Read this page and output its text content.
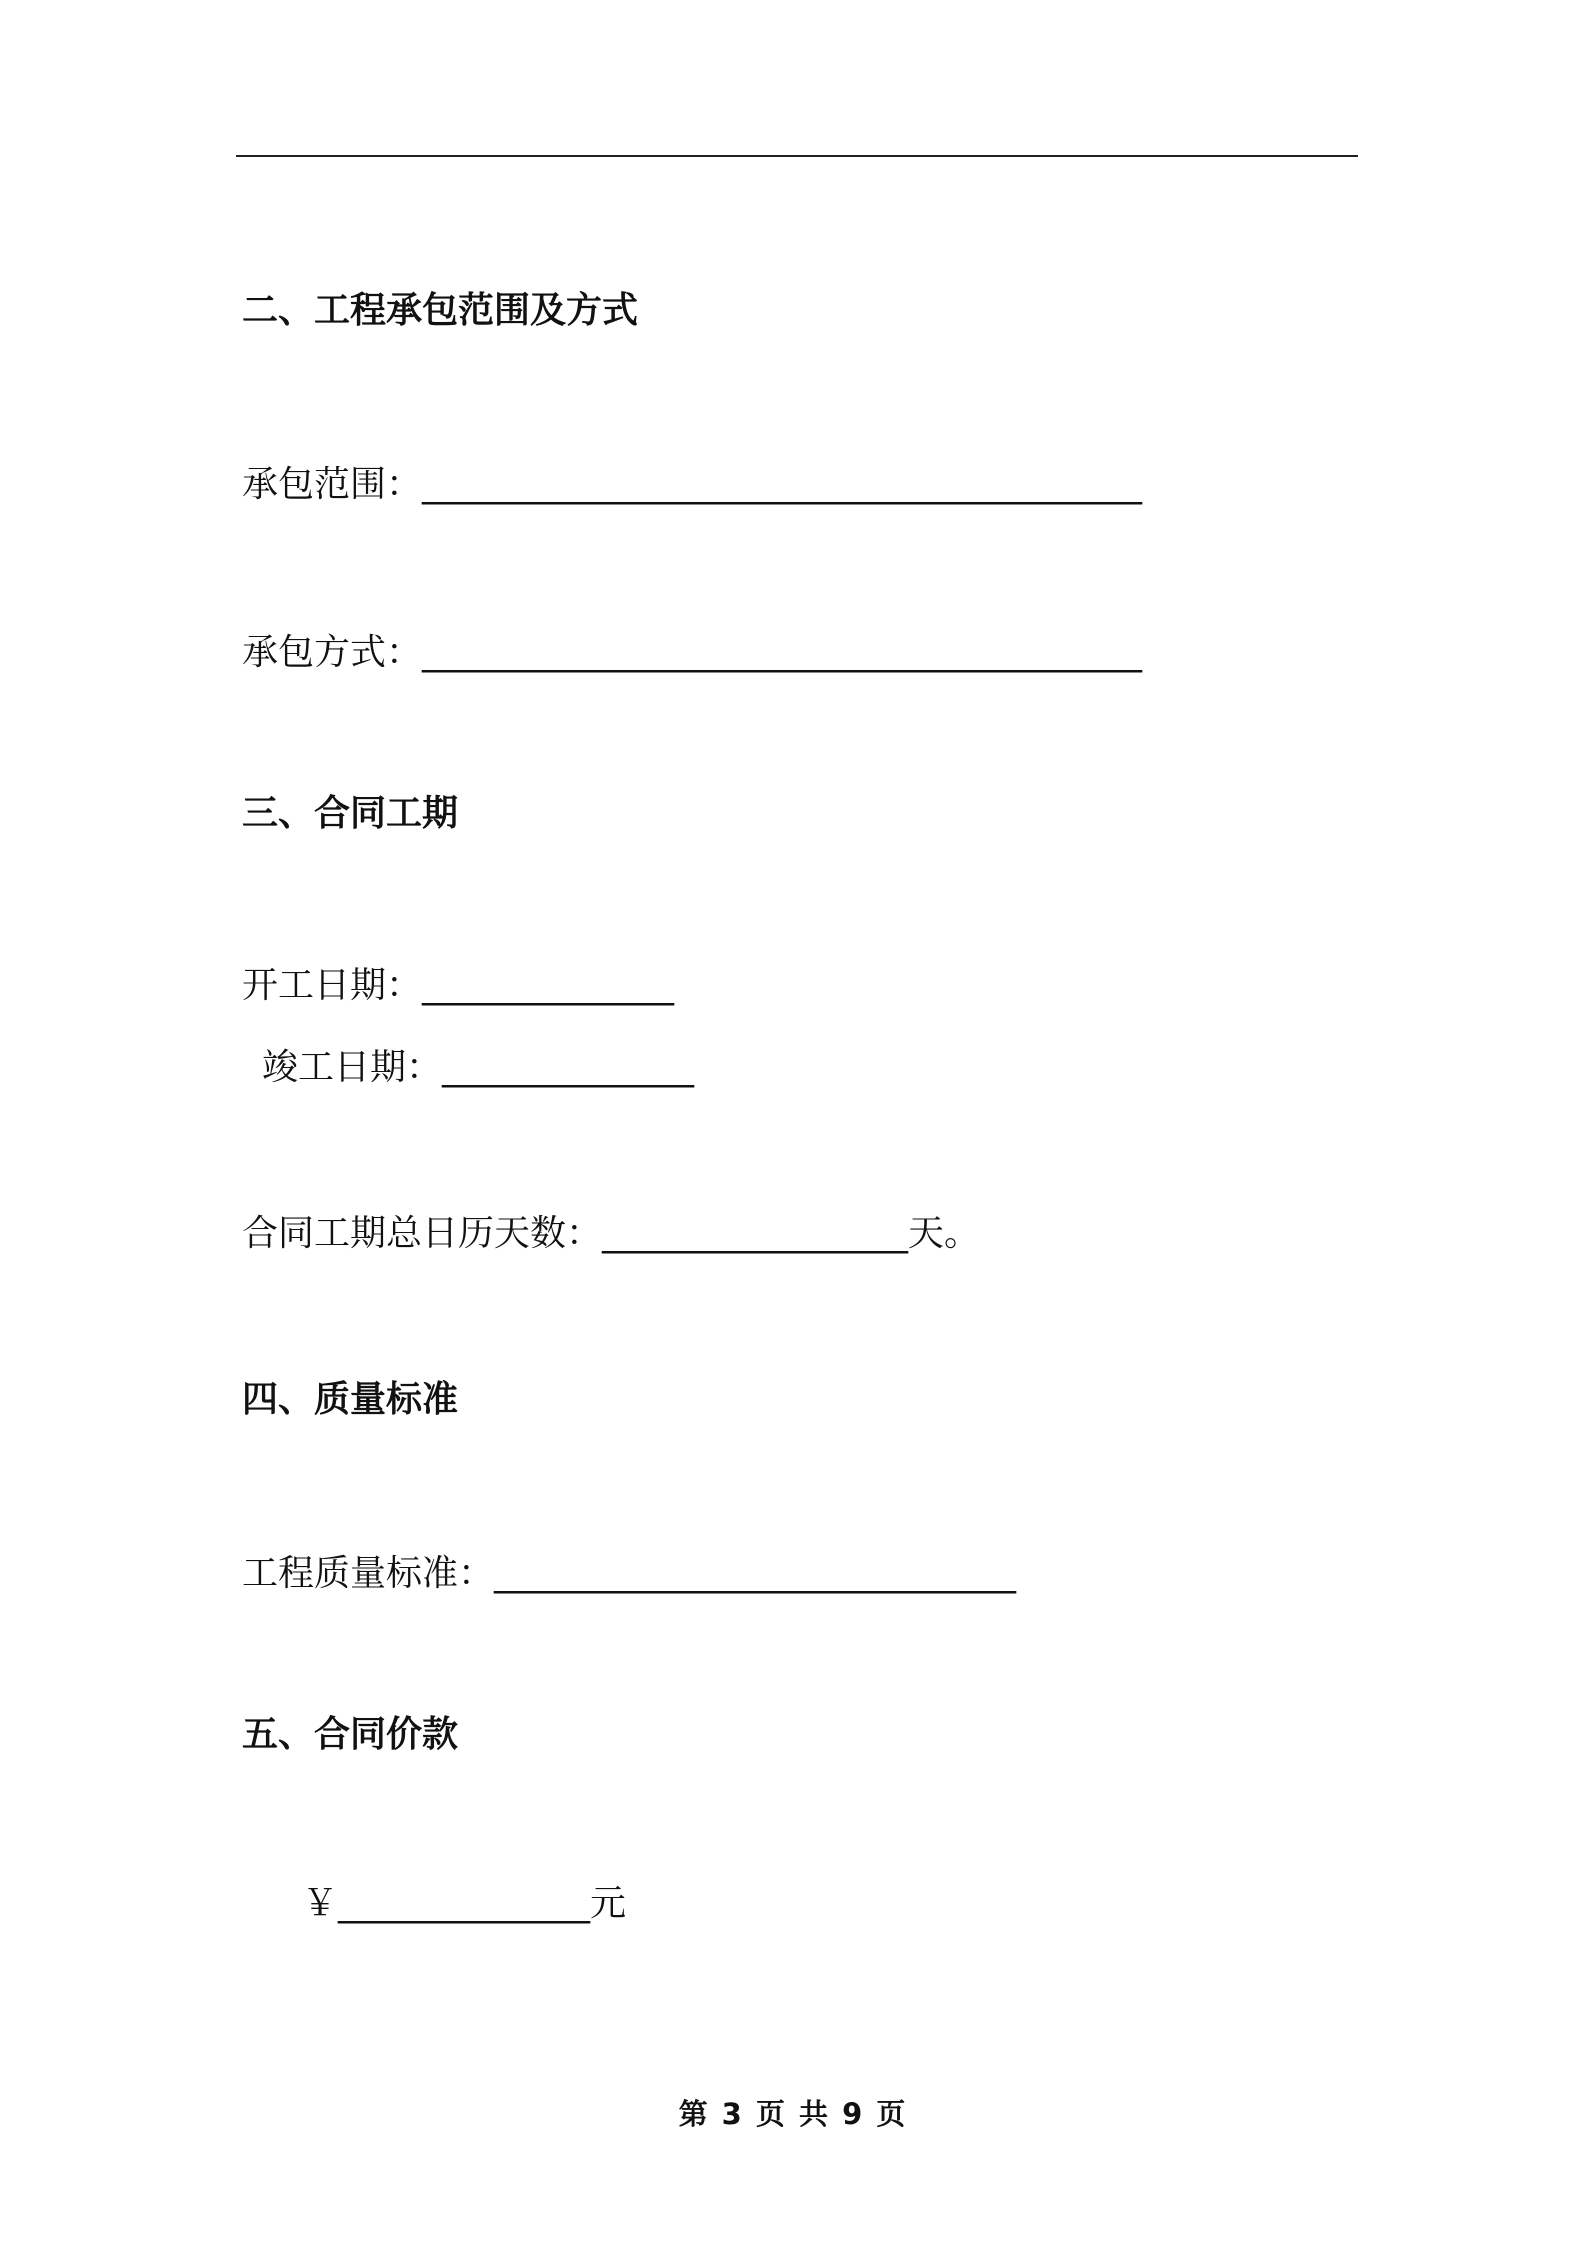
二、工程承包范围及方式
承包范围：________________________________________
承包方式：________________________________________
三、合同工期
开工日期：______________
竣工日期：______________
合同工期总日历天数：_________________天。
四、质量标准
工程质量标准：_____________________________
五、合同价款
￥______________元
第 3 页 共 9 页
